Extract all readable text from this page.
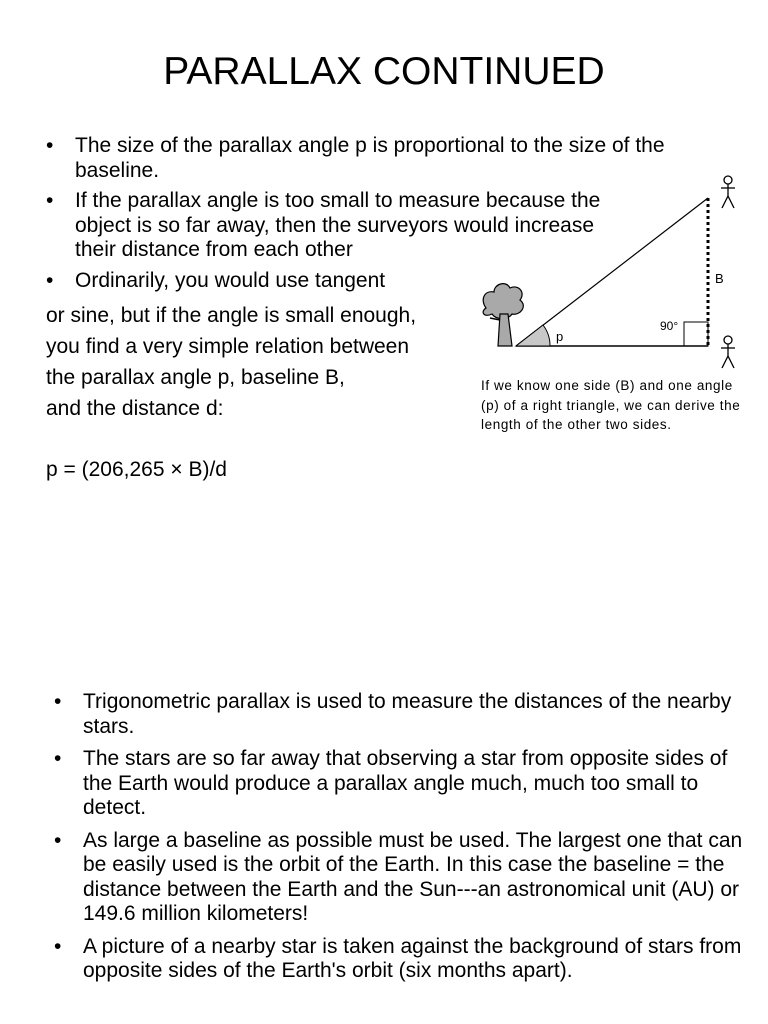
PARALLAX CONTINUED
• The size of the parallax angle p is proportional to the size of the baseline.
• If the parallax angle is too small to measure because the object is so far away, then the surveyors would increase their distance from each other
• Ordinarily, you would use tangent
or sine, but if the angle is small enough,
you find a very simple relation between
the parallax angle p, baseline B,
and the distance d:
p = (206,265 × B)/d
p
90°
B
If we know one side (B) and one angle (p) of a right triangle, we can derive the length of the other two sides.
• Trigonometric parallax is used to measure the distances of the nearby stars.
• The stars are so far away that observing a star from opposite sides of the Earth would produce a parallax angle much, much too small to detect.
• As large a baseline as possible must be used. The largest one that can be easily used is the orbit of the Earth. In this case the baseline = the distance between the Earth and the Sun---an astronomical unit (AU) or 149.6 million kilometers!
• A picture of a nearby star is taken against the background of stars from opposite sides of the Earth's orbit (six months apart).
